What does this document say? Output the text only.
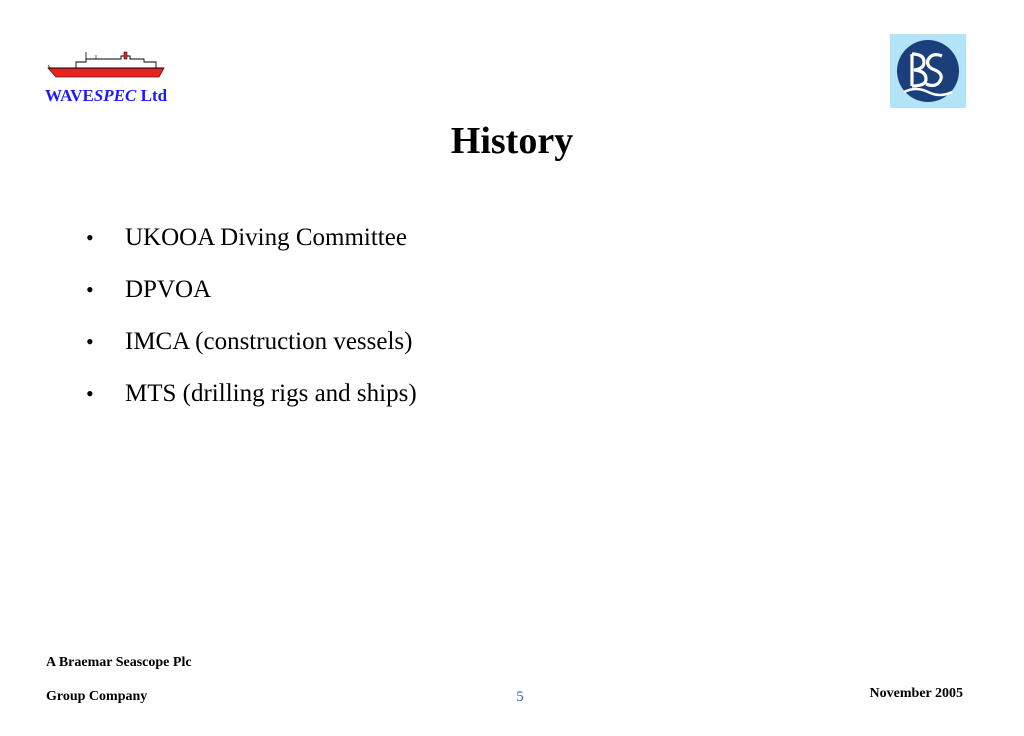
WAVESPEC Ltd
History
•	UKOOA Diving Committee
•	DPVOA
•	IMCA (construction vessels)
•	MTS (drilling rigs and ships)
A Braemar Seascope Plc
Group Company	5	November 2005
